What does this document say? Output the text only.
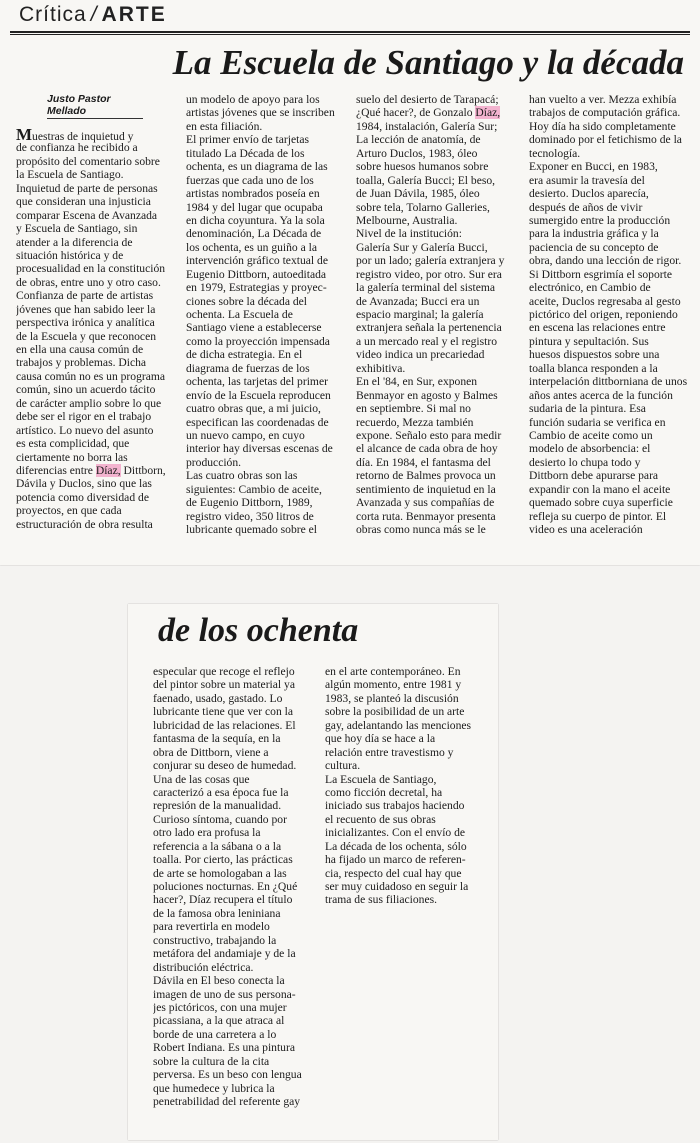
Crítica / ARTE
La Escuela de Santiago y la década
Justo Pastor Mellado
Muestras de inquietud y
de confianza he recibido a
propósito del comentario sobre
la Escuela de Santiago.
Inquietud de parte de personas
que consideran una injusticia
comparar Escena de Avanzada
y Escuela de Santiago, sin
atender a la diferencia de
situación histórica y de
procesualidad en la constitución
de obras, entre uno y otro caso.
Confianza de parte de artistas
jóvenes que han sabido leer la
perspectiva irónica y analítica
de la Escuela y que reconocen
en ella una causa común de
trabajos y problemas. Dicha
causa común no es un programa
común, sino un acuerdo tácito
de carácter amplio sobre lo que
debe ser el rigor en el trabajo
artístico. Lo nuevo del asunto
es esta complicidad, que
ciertamente no borra las
diferencias entre Díaz, Dittborn,
Dávila y Duclos, sino que las
potencia como diversidad de
proyectos, en que cada
estructuración de obra resulta
un modelo de apoyo para los
artistas jóvenes que se inscriben
en esta filiación.
El primer envío de tarjetas
titulado La Década de los
ochenta, es un diagrama de las
fuerzas que cada uno de los
artistas nombrados poseía en
1984 y del lugar que ocupaba
en dicha coyuntura. Ya la sola
denominación, La Década de
los ochenta, es un guiño a la
intervención gráfico textual de
Eugenio Dittborn, autoeditada
en 1979, Estrategias y proyec-
ciones sobre la década del
ochenta. La Escuela de
Santiago viene a establecerse
como la proyección impensada
de dicha estrategia. En el
diagrama de fuerzas de los
ochenta, las tarjetas del primer
envío de la Escuela reproducen
cuatro obras que, a mi juicio,
especifican las coordenadas de
un nuevo campo, en cuyo
interior hay diversas escenas de
producción.
Las cuatro obras son las
siguientes: Cambio de aceite,
de Eugenio Dittborn, 1989,
registro video, 350 litros de
lubricante quemado sobre el
suelo del desierto de Tarapacá;
¿Qué hacer?, de Gonzalo Díaz,
1984, instalación, Galería Sur;
La lección de anatomía, de
Arturo Duclos, 1983, óleo
sobre huesos humanos sobre
toalla, Galería Bucci; El beso,
de Juan Dávila, 1985, óleo
sobre tela, Tolarno Galleries,
Melbourne, Australia.
Nivel de la institución:
Galería Sur y Galería Bucci,
por un lado; galería extranjera y
registro video, por otro. Sur era
la galería terminal del sistema
de Avanzada; Bucci era un
espacio marginal; la galería
extranjera señala la pertenencia
a un mercado real y el registro
video indica un precariedad
exhibitiva.
En el '84, en Sur, exponen
Benmayor en agosto y Balmes
en septiembre. Si mal no
recuerdo, Mezza también
expone. Señalo esto para medir
el alcance de cada obra de hoy
día. En 1984, el fantasma del
retorno de Balmes provoca un
sentimiento de inquietud en la
Avanzada y sus compañías de
corta ruta. Benmayor presenta
obras como nunca más se le
han vuelto a ver. Mezza exhibía
trabajos de computación gráfica.
Hoy día ha sido completamente
dominado por el fetichismo de la
tecnología.
Exponer en Bucci, en 1983,
era asumir la travesía del
desierto. Duclos aparecía,
después de años de vivir
sumergido entre la producción
para la industria gráfica y la
paciencia de su concepto de
obra, dando una lección de rigor.
Si Dittborn esgrimía el soporte
electrónico, en Cambio de
aceite, Duclos regresaba al gesto
pictórico del origen, reponiendo
en escena las relaciones entre
pintura y sepultación. Sus
huesos dispuestos sobre una
toalla blanca responden a la
interpelación dittborniana de unos
años antes acerca de la función
sudaria de la pintura. Esa
función sudaria se verifica en
Cambio de aceite como un
modelo de absorbencia: el
desierto lo chupa todo y
Dittborn debe apurarse para
expandir con la mano el aceite
quemado sobre cuya superficie
refleja su cuerpo de pintor. El
video es una aceleración
de los ochenta
especular que recoge el reflejo
del pintor sobre un material ya
faenado, usado, gastado. Lo
lubricante tiene que ver con la
lubricidad de las relaciones. El
fantasma de la sequía, en la
obra de Dittborn, viene a
conjurar su deseo de humedad.
Una de las cosas que
caracterizó a esa época fue la
represión de la manualidad.
Curioso síntoma, cuando por
otro lado era profusa la
referencia a la sábana o a la
toalla. Por cierto, las prácticas
de arte se homologaban a las
poluciones nocturnas. En ¿Qué
hacer?, Díaz recupera el título
de la famosa obra leniniana
para revertirla en modelo
constructivo, trabajando la
metáfora del andamiaje y de la
distribución eléctrica.
Dávila en El beso conecta la
imagen de uno de sus persona-
jes pictóricos, con una mujer
picassiana, a la que atraca al
borde de una carretera a lo
Robert Indiana. Es una pintura
sobre la cultura de la cita
perversa. Es un beso con lengua
que humedece y lubrica la
penetrabilidad del referente gay
en el arte contemporáneo. En
algún momento, entre 1981 y
1983, se planteó la discusión
sobre la posibilidad de un arte
gay, adelantando las menciones
que hoy día se hace a la
relación entre travestismo y
cultura.
La Escuela de Santiago,
como ficción decretal, ha
iniciado sus trabajos haciendo
el recuento de sus obras
inicializantes. Con el envío de
La década de los ochenta, sólo
ha fijado un marco de referen-
cia, respecto del cual hay que
ser muy cuidadoso en seguir la
trama de sus filiaciones.
